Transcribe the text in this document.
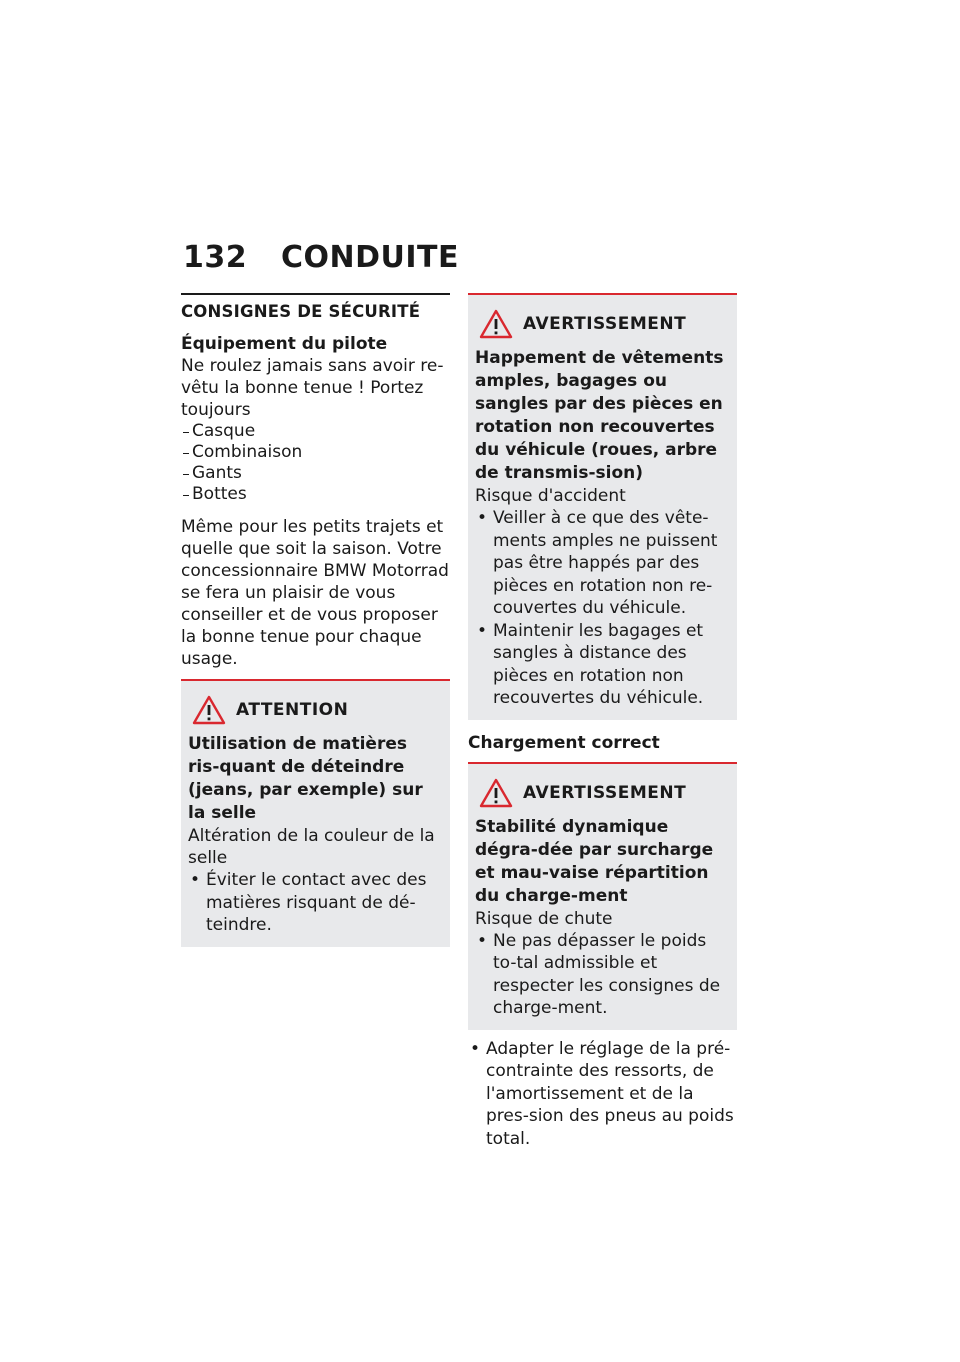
132 CONDUITE
CONSIGNES DE SÉCURITÉ
Équipement du pilote
Ne roulez jamais sans avoir re-vêtu la bonne tenue ! Portez toujours
Casque
Combinaison
Gants
Bottes
Même pour les petits trajets et quelle que soit la saison. Votre concessionnaire BMW Motorrad se fera un plaisir de vous conseiller et de vous proposer la bonne tenue pour chaque usage.
ATTENTION
Utilisation de matières ris-quant de déteindre (jeans, par exemple) sur la selle
Altération de la couleur de la selle
• Éviter le contact avec des matières risquant de dé-teindre.
AVERTISSEMENT
Happement de vêtements amples, bagages ou sangles par des pièces en rotation non recouvertes du véhicule (roues, arbre de transmis-sion)
Risque d'accident
• Veiller à ce que des vête-ments amples ne puissent pas être happés par des pièces en rotation non re-couvertes du véhicule.
• Maintenir les bagages et sangles à distance des pièces en rotation non recouvertes du véhicule.
Chargement correct
AVERTISSEMENT
Stabilité dynamique dégra-dée par surcharge et mau-vaise répartition du charge-ment
Risque de chute
• Ne pas dépasser le poids to-tal admissible et respecter les consignes de charge-ment.
• Adapter le réglage de la pré-contrainte des ressorts, de l'amortissement et de la pres-sion des pneus au poids total.
